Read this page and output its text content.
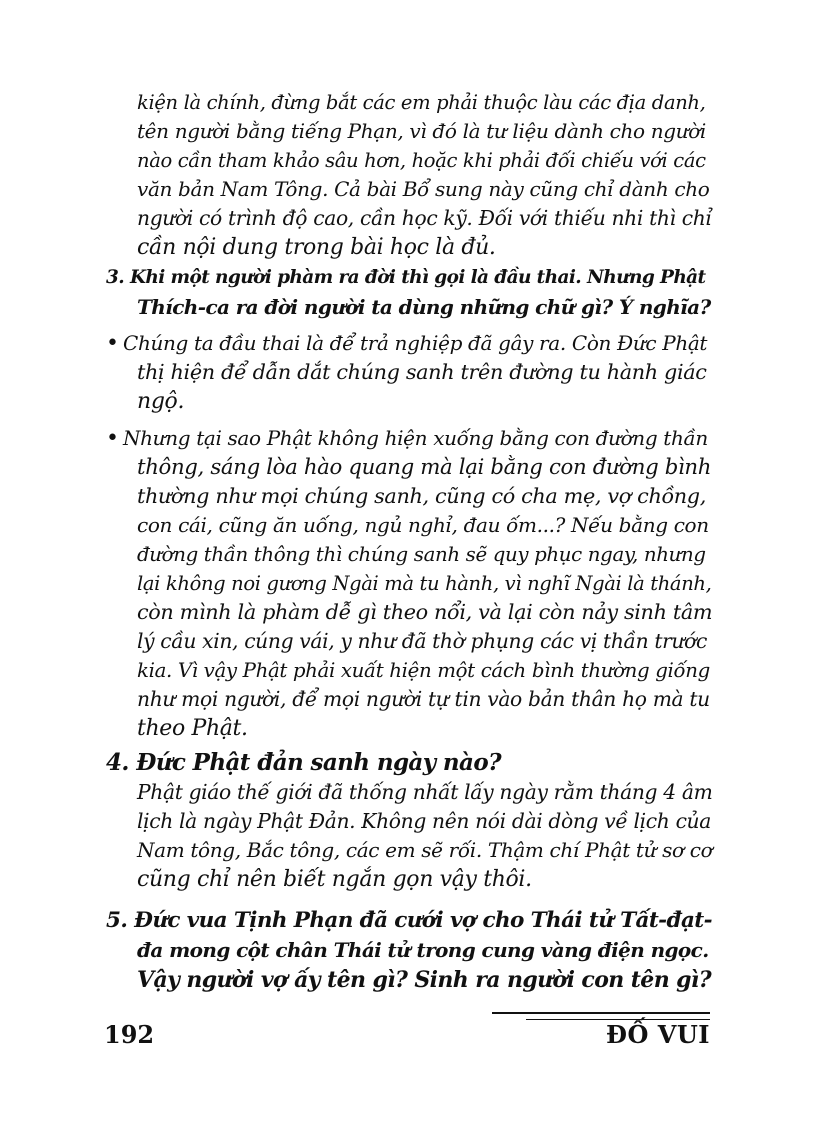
kiện là chính, đừng bắt các em phải thuộc làu các địa danh,
tên người bằng tiếng Phạn, vì đó là tư liệu dành cho người
nào cần tham khảo sâu hơn, hoặc khi phải đối chiếu với các
văn bản Nam Tông. Cả bài Bổ sung này cũng chỉ dành cho
người có trình độ cao, cần học kỹ. Đối với thiếu nhi thì chỉ
cần nội dung trong bài học là đủ.
3. Khi một người phàm ra đời thì gọi là đầu thai. Nhưng Phật
Thích-ca ra đời người ta dùng những chữ gì? Ý nghĩa?
• Chúng ta đầu thai là để trả nghiệp đã gây ra. Còn Đức Phật
thị hiện để dẫn dắt chúng sanh trên đường tu hành giác
ngộ.
• Nhưng tại sao Phật không hiện xuống bằng con đường thần
thông, sáng lòa hào quang mà lại bằng con đường bình
thường như mọi chúng sanh, cũng có cha mẹ, vợ chồng,
con cái, cũng ăn uống, ngủ nghỉ, đau ốm...? Nếu bằng con
đường thần thông thì chúng sanh sẽ quy phục ngay, nhưng
lại không noi gương Ngài mà tu hành, vì nghĩ Ngài là thánh,
còn mình là phàm dễ gì theo nổi, và lại còn nảy sinh tâm
lý cầu xin, cúng vái, y như đã thờ phụng các vị thần trước
kia. Vì vậy Phật phải xuất hiện một cách bình thường giống
như mọi người, để mọi người tự tin vào bản thân họ mà tu
theo Phật.
4. Đức Phật đản sanh ngày nào?
Phật giáo thế giới đã thống nhất lấy ngày rằm tháng 4 âm
lịch là ngày Phật Đản. Không nên nói dài dòng về lịch của
Nam tông, Bắc tông, các em sẽ rối. Thậm chí Phật tử sơ cơ
cũng chỉ nên biết ngắn gọn vậy thôi.
5. Đức vua Tịnh Phạn đã cưới vợ cho Thái tử Tất-đạt-
đa mong cột chân Thái tử trong cung vàng điện ngọc.
Vậy người vợ ấy tên gì? Sinh ra người con tên gì?
192	ĐỐ VUI
